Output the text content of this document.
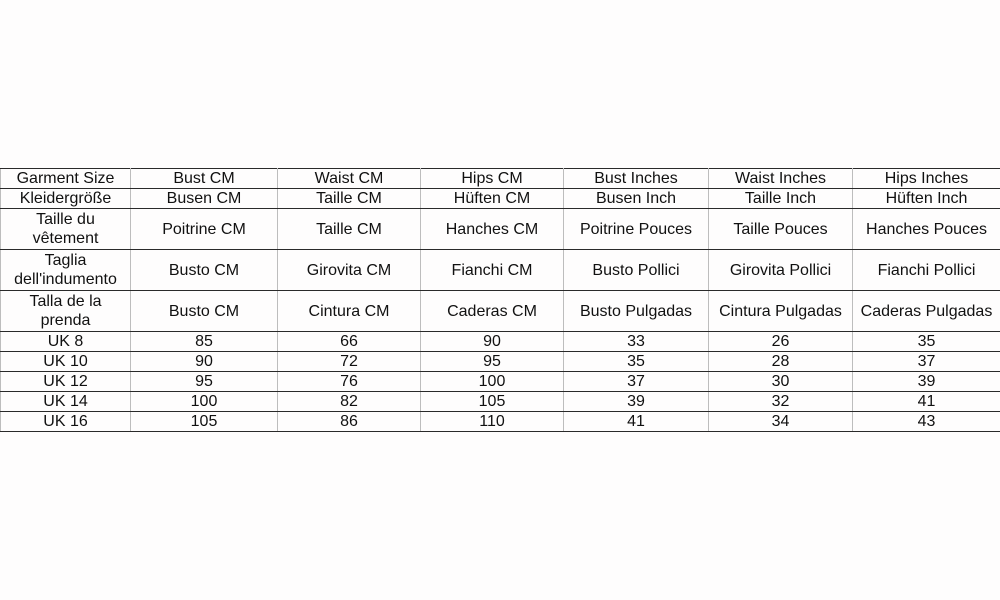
Garment Size	Bust CM	Waist CM	Hips CM	Bust Inches	Waist Inches	Hips Inches
Kleidergröße	Busen CM	Taille CM	Hüften CM	Busen Inch	Taille Inch	Hüften Inch
Taille du vêtement	Poitrine CM	Taille CM	Hanches CM	Poitrine Pouces	Taille Pouces	Hanches Pouces
Taglia dell'indumento	Busto CM	Girovita CM	Fianchi CM	Busto Pollici	Girovita Pollici	Fianchi Pollici
Talla de la prenda	Busto CM	Cintura CM	Caderas CM	Busto Pulgadas	Cintura Pulgadas	Caderas Pulgadas
UK 8	85	66	90	33	26	35
UK 10	90	72	95	35	28	37
UK 12	95	76	100	37	30	39
UK 14	100	82	105	39	32	41
UK 16	105	86	110	41	34	43
